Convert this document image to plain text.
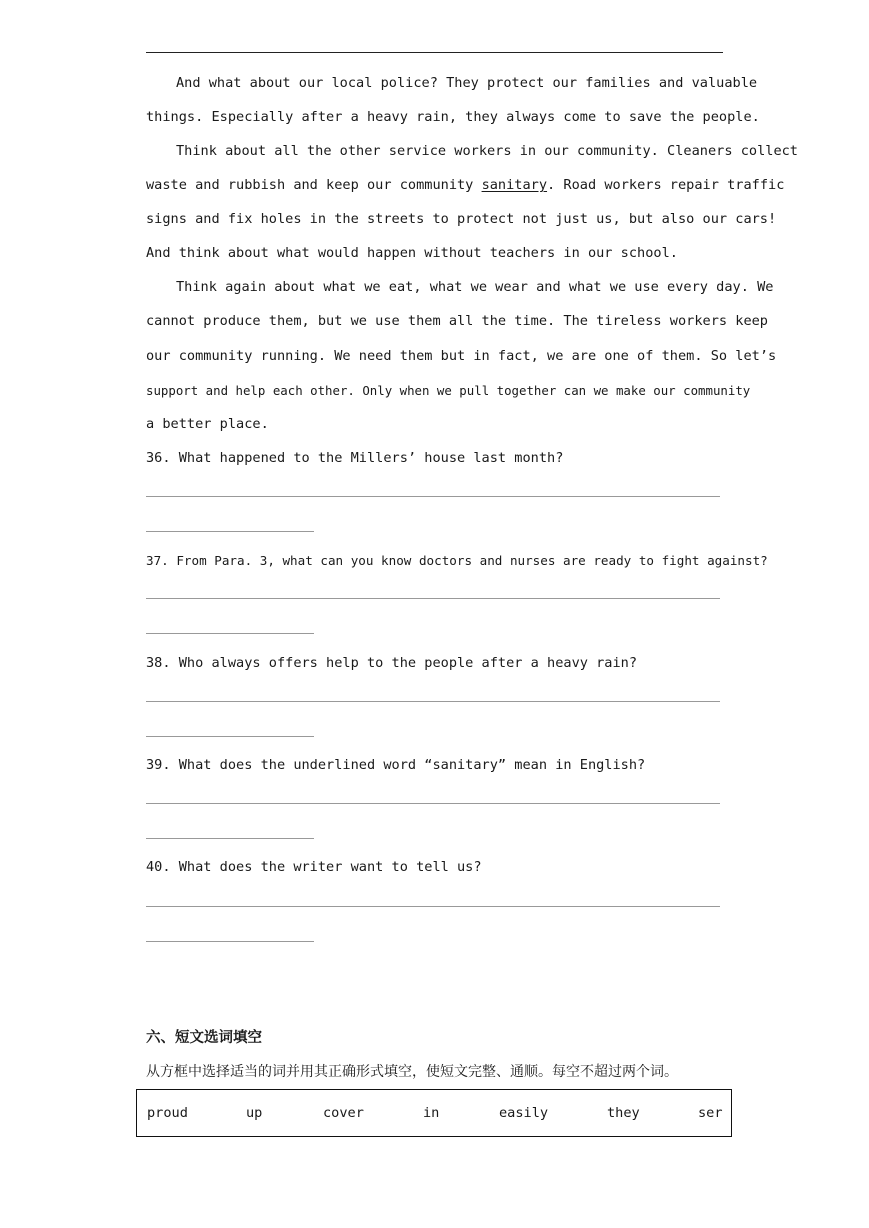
And what about our local police? They protect our families and valuable
things. Especially after a heavy rain, they always come to save the people.
Think about all the other service workers in our community. Cleaners collect
waste and rubbish and keep our community sanitary. Road workers repair traffic
signs and fix holes in the streets to protect not just us, but also our cars!
And think about what would happen without teachers in our school.
Think again about what we eat, what we wear and what we use every day. We
cannot produce them, but we use them all the time. The tireless workers keep
our community running. We need them but in fact, we are one of them. So let’s
support and help each other. Only when we pull together can we make our community
a better place.
36. What happened to the Millers’ house last month?
37. From Para. 3, what can you know doctors and nurses are ready to fight against?
38. Who always offers help to the people after a heavy rain?
39. What does the underlined word “sanitary” mean in English?
40. What does the writer want to tell us?
六、短文选词填空
从方框中选择适当的词并用其正确形式填空，使短文完整、通顺。每空不超过两个词。
proud	up	cover	in	easily	they	ser
